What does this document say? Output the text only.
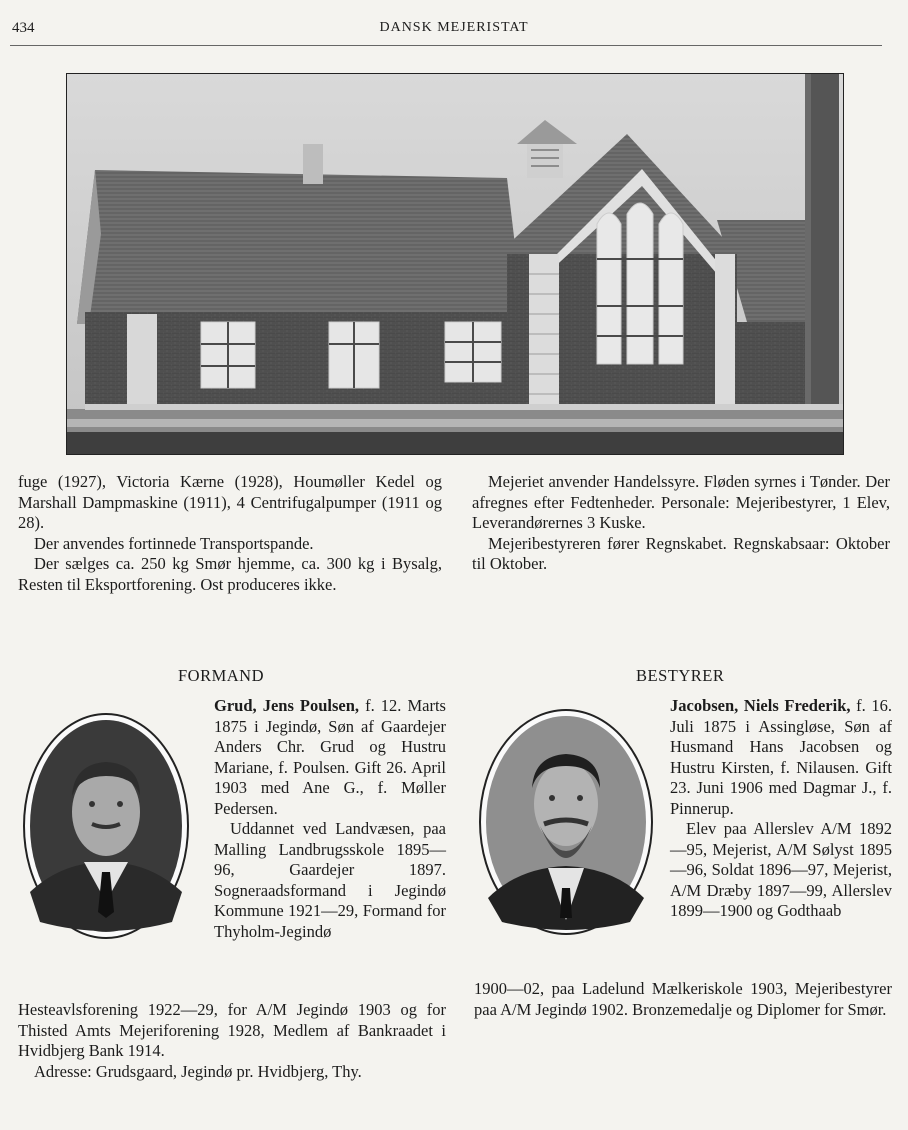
434	DANSK MEJERISTAT

fuge (1927), Victoria Kærne (1928), Houmøller Kedel og Marshall Dampmaskine (1911), 4 Centrifugalpumper (1911 og 28).

Der anvendes fortinnede Transportspande.

Der sælges ca. 250 kg Smør hjemme, ca. 300 kg i Bysalg, Resten til Eksportforening. Ost produceres ikke.

Mejeriet anvender Handelssyre. Fløden syrnes i Tønder. Der afregnes efter Fedtenheder. Personale: Mejeribestyrer, 1 Elev, Leverandørernes 3 Kuske.

Mejeribestyreren fører Regnskabet. Regnskabsaar: Oktober til Oktober.

FORMAND

Grud, Jens Poulsen, f. 12. Marts 1875 i Jegindø, Søn af Gaardejer Anders Chr. Grud og Hustru Mariane, f. Poulsen. Gift 26. April 1903 med Ane G., f. Møller Pedersen.

Uddannet ved Landvæsen, paa Malling Landbrugsskole 1895—96, Gaardejer 1897. Sogneraadsformand i Jegindø Kommune 1921—29, Formand for Thyholm-Jegindø

Hesteavlsforening 1922—29, for A/M Jegindø 1903 og for Thisted Amts Mejeriforening 1928, Medlem af Bankraadet i Hvidbjerg Bank 1914.

Adresse: Grudsgaard, Jegindø pr. Hvidbjerg, Thy.

BESTYRER

Jacobsen, Niels Frederik, f. 16. Juli 1875 i Assingløse, Søn af Husmand Hans Jacobsen og Hustru Kirsten, f. Nilausen. Gift 23. Juni 1906 med Dagmar J., f. Pinnerup.

Elev paa Allerslev A/M 1892—95, Mejerist, A/M Sølyst 1895—96, Soldat 1896—97, Mejerist, A/M Dræby 1897—99, Allerslev 1899—1900 og Godthaab

1900—02, paa Ladelund Mælkeriskole 1903, Mejeribestyrer paa A/M Jegindø 1902. Bronzemedalje og Diplomer for Smør.
